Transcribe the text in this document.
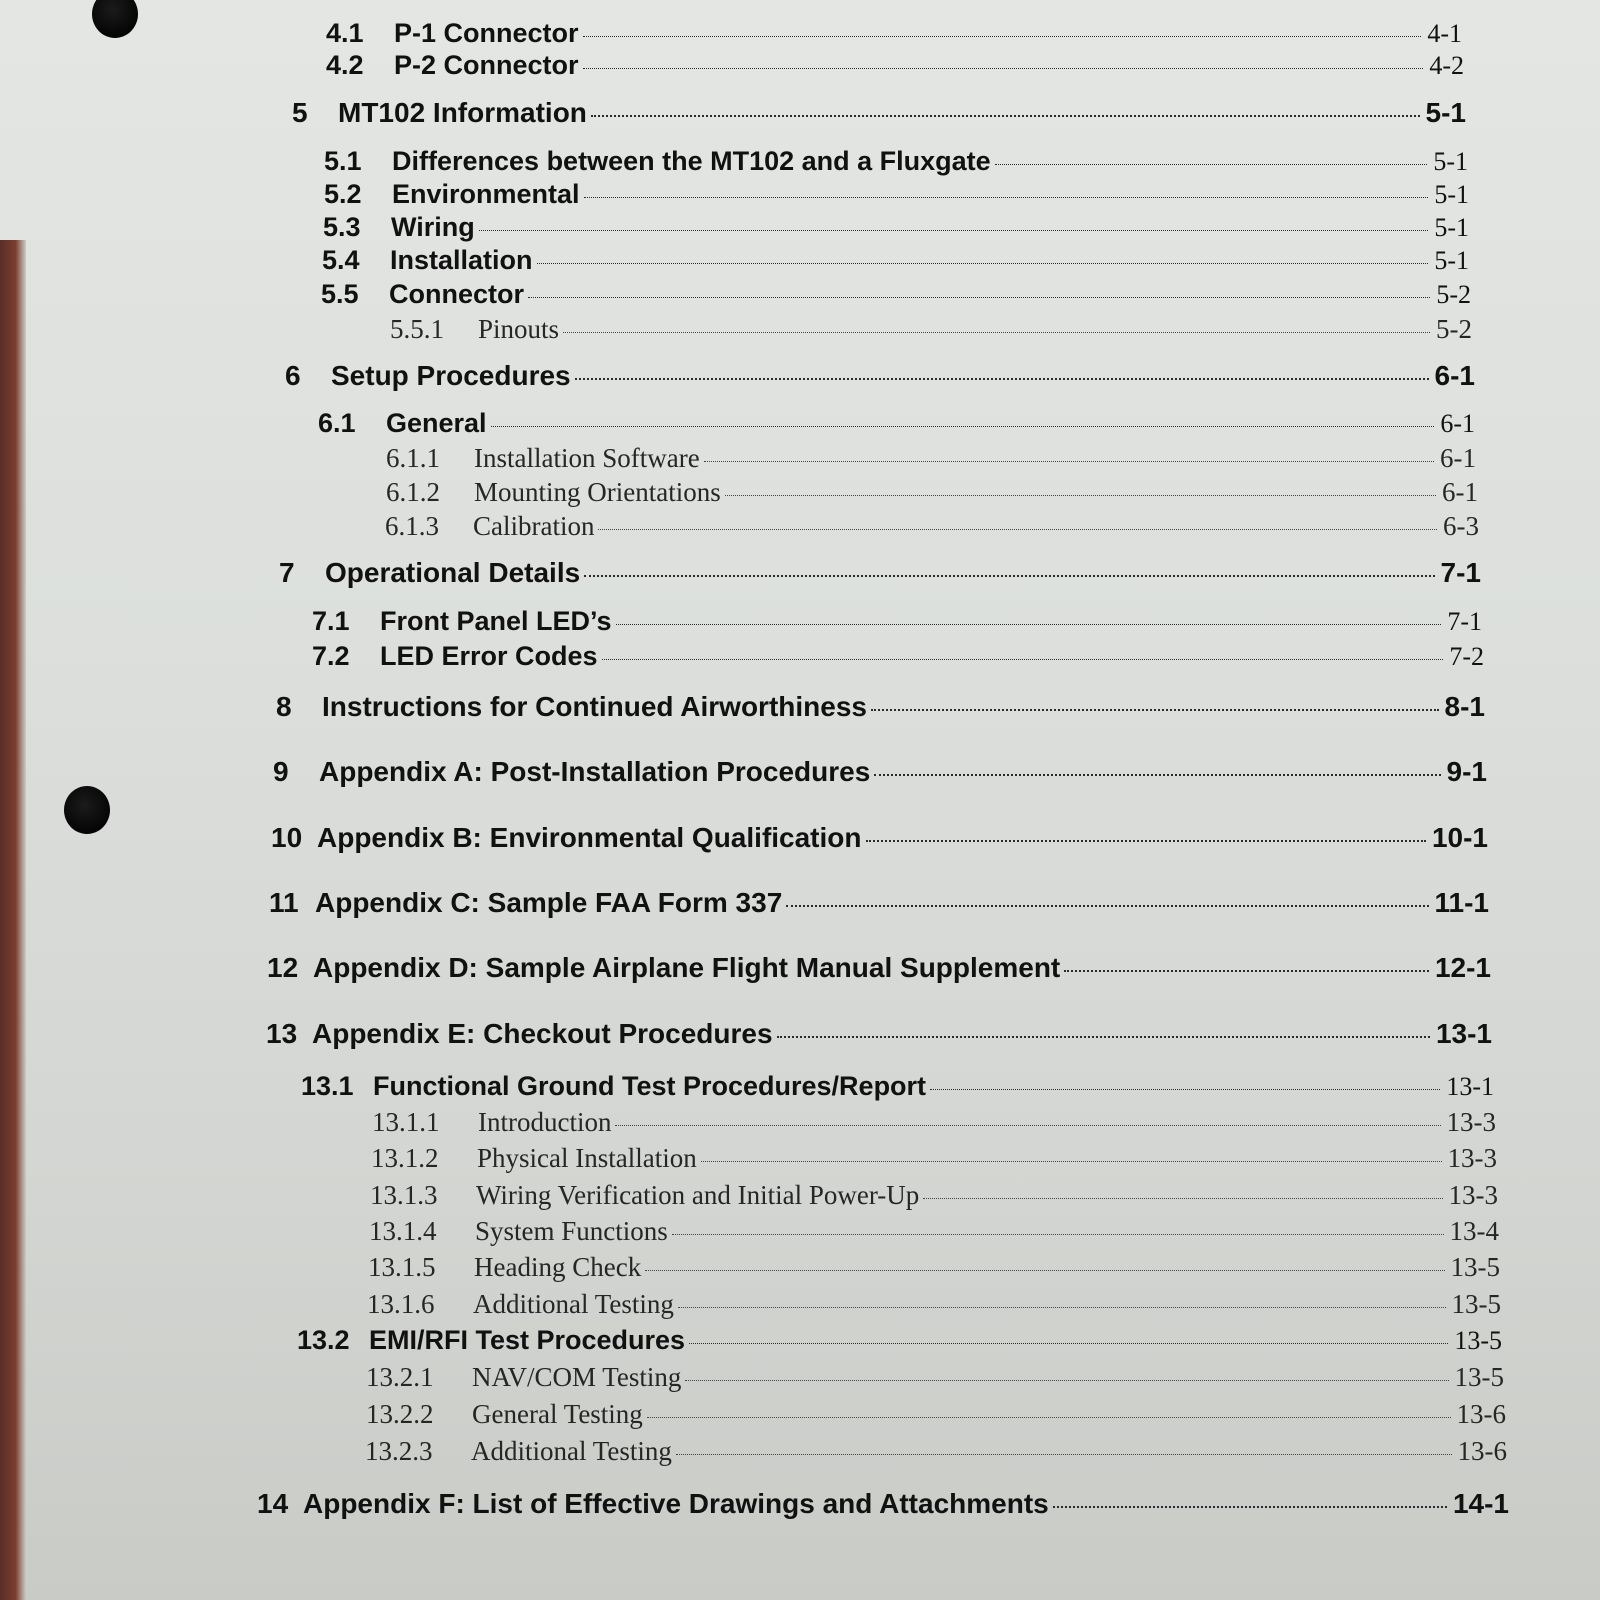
4.1	P-1 Connector	4-1
4.2	P-2 Connector	4-2
5	MT102 Information	5-1
5.1	Differences between the MT102 and a Fluxgate	5-1
5.2	Environmental	5-1
5.3	Wiring	5-1
5.4	Installation	5-1
5.5	Connector	5-2
5.5.1	Pinouts	5-2
6	Setup Procedures	6-1
6.1	General	6-1
6.1.1	Installation Software	6-1
6.1.2	Mounting Orientations	6-1
6.1.3	Calibration	6-3
7	Operational Details	7-1
7.1	Front Panel LED’s	7-1
7.2	LED Error Codes	7-2
8	Instructions for Continued Airworthiness	8-1
9	Appendix A: Post-Installation Procedures	9-1
10 Appendix B: Environmental Qualification	10-1
11 Appendix C: Sample FAA Form 337	11-1
12 Appendix D: Sample Airplane Flight Manual Supplement	12-1
13 Appendix E: Checkout Procedures	13-1
13.1 Functional Ground Test Procedures/Report	13-1
13.1.1	Introduction	13-3
13.1.2	Physical Installation	13-3
13.1.3	Wiring Verification and Initial Power-Up	13-3
13.1.4	System Functions	13-4
13.1.5	Heading Check	13-5
13.1.6	Additional Testing	13-5
13.2 EMI/RFI Test Procedures	13-5
13.2.1	NAV/COM Testing	13-5
13.2.2	General Testing	13-6
13.2.3	Additional Testing	13-6
14 Appendix F: List of Effective Drawings and Attachments	14-1
